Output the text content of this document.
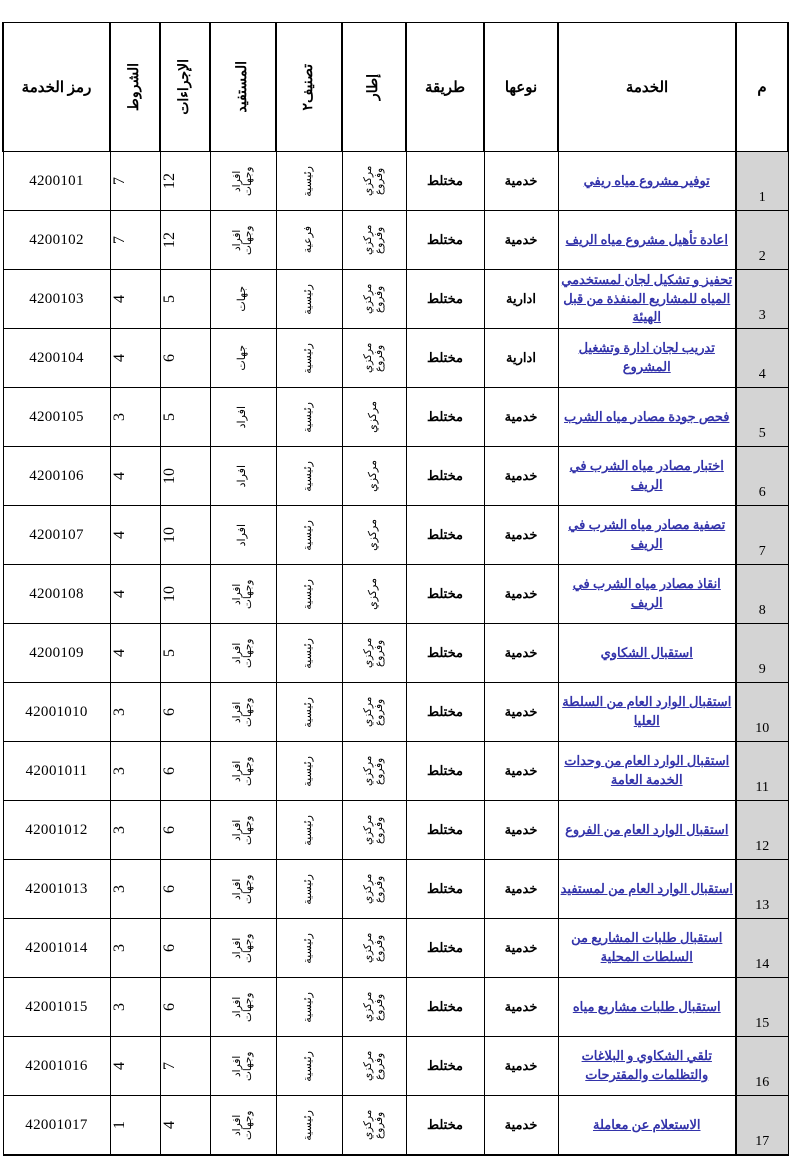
م	الخدمة	نوعها	طريقة	إطار	تصنيف٢	المستفيد	الإجراءات	الشروط	رمز الخدمة

1	توفير مشروع مياه ريفي	خدمية	مختلط	مركزي وفروع	رئيسية	افراد وجهات	12	7	4200101
2	اعادة تأهيل مشروع مياه الريف	خدمية	مختلط	مركزي وفروع	فرعية	افراد وجهات	12	7	4200102
3	تحفيز و تشكيل لجان لمستخدمي المياه للمشاريع المنفذة من قبل الهيئة	ادارية	مختلط	مركزي وفروع	رئيسية	جهات	5	4	4200103
4	تدريب لجان ادارة وتشغيل المشروع	ادارية	مختلط	مركزي وفروع	رئيسية	جهات	6	4	4200104
5	فحص جودة مصادر مياه الشرب	خدمية	مختلط	مركزي	رئيسية	افراد	5	3	4200105
6	اختبار مصادر مياه الشرب في الريف	خدمية	مختلط	مركزي	رئيسية	افراد	10	4	4200106
7	تصفية مصادر مياه الشرب في الريف	خدمية	مختلط	مركزي	رئيسية	افراد	10	4	4200107
8	انقاذ مصادر مياه الشرب في الريف	خدمية	مختلط	مركزي	رئيسية	افراد وجهات	10	4	4200108
9	استقبال الشكاوي	خدمية	مختلط	مركزي وفروع	رئيسية	افراد وجهات	5	4	4200109
10	استقبال الوارد العام من السلطة العليا	خدمية	مختلط	مركزي وفروع	رئيسية	افراد وجهات	6	3	42001010
11	استقبال الوارد العام من وحدات الخدمة العامة	خدمية	مختلط	مركزي وفروع	رئيسية	افراد وجهات	6	3	42001011
12	استقبال الوارد العام من الفروع	خدمية	مختلط	مركزي وفروع	رئيسية	افراد وجهات	6	3	42001012
13	استقبال الوارد العام من لمستفيد	خدمية	مختلط	مركزي وفروع	رئيسية	افراد وجهات	6	3	42001013
14	استقبال طلبات المشاريع من السلطات المحلية	خدمية	مختلط	مركزي وفروع	رئيسية	افراد وجهات	6	3	42001014
15	استقبال طلبات مشاريع مياه	خدمية	مختلط	مركزي وفروع	رئيسية	افراد وجهات	6	3	42001015
16	تلقي الشكاوي و البلاغات والتظلمات والمقترحات	خدمية	مختلط	مركزي وفروع	رئيسية	افراد وجهات	7	4	42001016
17	الاستعلام عن معاملة	خدمية	مختلط	مركزي وفروع	رئيسية	افراد وجهات	4	1	42001017
